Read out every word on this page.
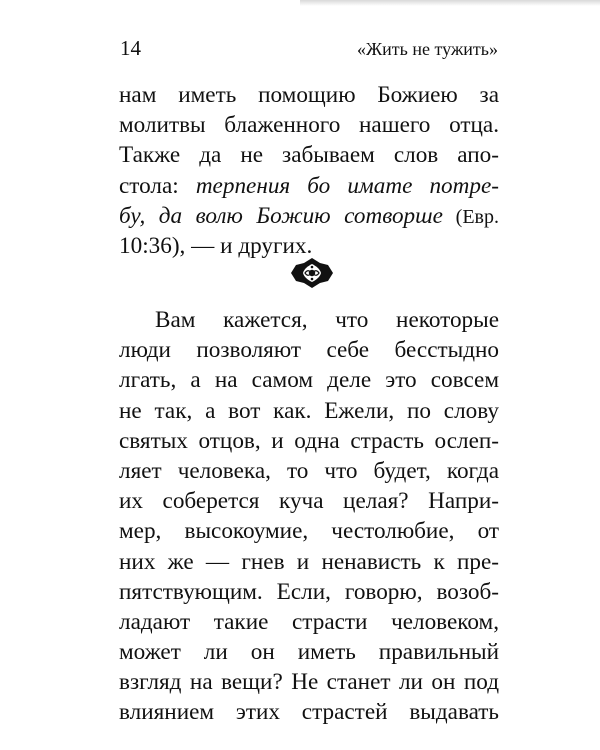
14	«Жить не тужить»
нам иметь помощию Божиею за
молитвы блаженного нашего отца.
Также да не забываем слов апо-
стола: терпения бо имате потре-
бу, да волю Божию сотворше (Евр.
10:36), — и других.
Вам кажется, что некоторые
люди позволяют себе бесстыдно
лгать, а на самом деле это совсем
не так, а вот как. Ежели, по слову
святых отцов, и одна страсть ослеп-
ляет человека, то что будет, когда
их соберется куча целая? Напри-
мер, высокоумие, честолюбие, от
них же — гнев и ненависть к пре-
пятствующим. Если, говорю, возоб-
ладают такие страсти человеком,
может ли он иметь правильный
взгляд на вещи? Не станет ли он под
влиянием этих страстей выдавать
